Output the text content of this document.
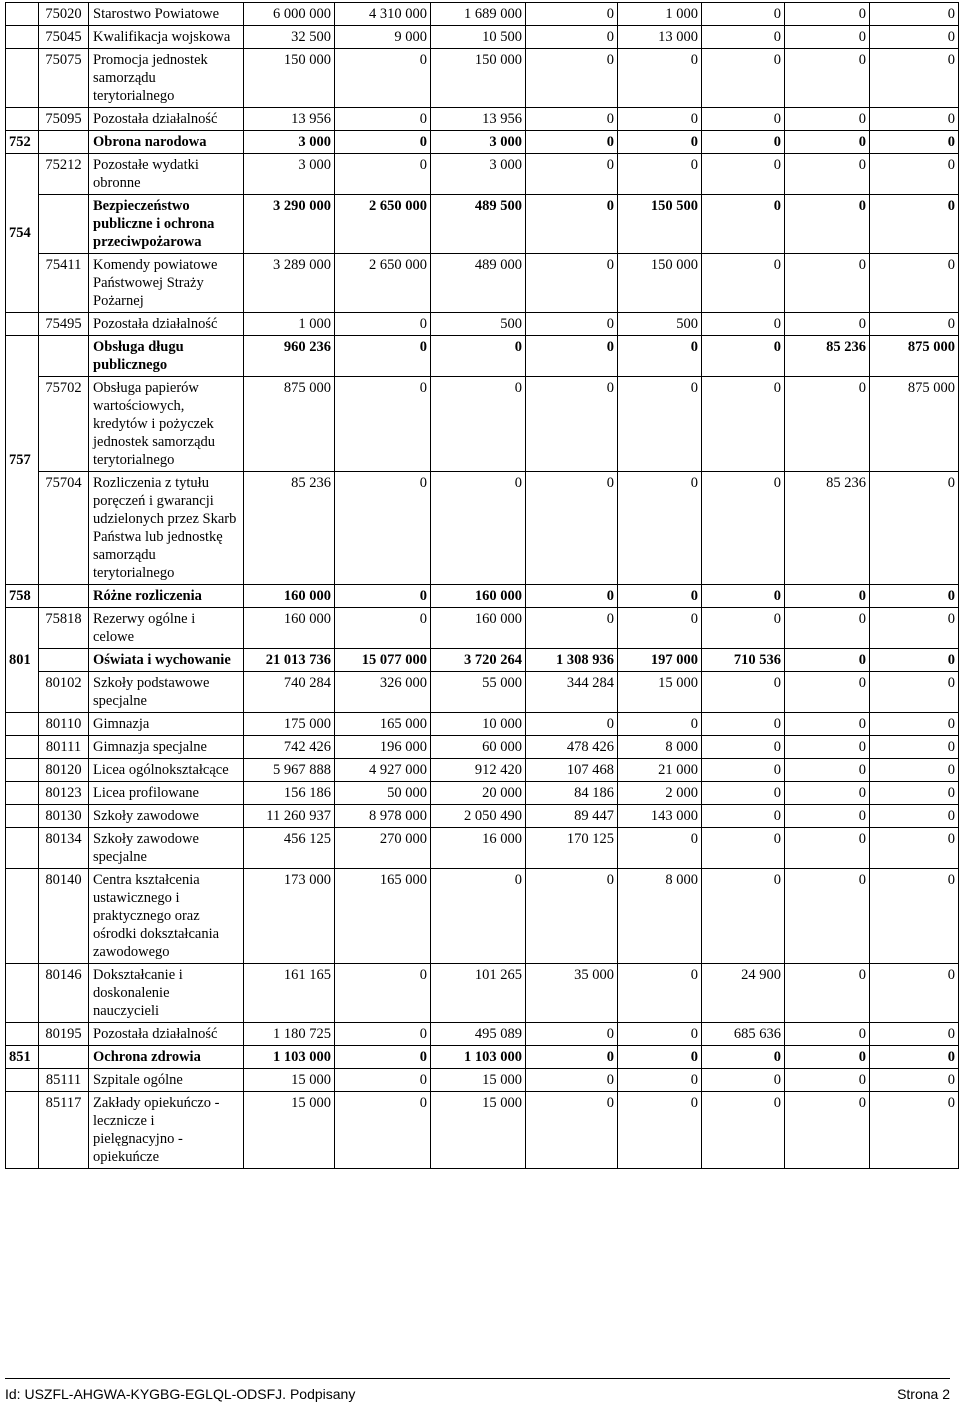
	75020	Starostwo Powiatowe	6 000 000	4 310 000	1 689 000	0	1 000	0	0	0
	75045	Kwalifikacja wojskowa	32 500	9 000	10 500	0	13 000	0	0	0
	75075	Promocja jednostek samorządu terytorialnego	150 000	0	150 000	0	0	0	0	0
	75095	Pozostała działalność	13 956	0	13 956	0	0	0	0	0
752		Obrona narodowa	3 000	0	3 000	0	0	0	0	0
754	75212	Pozostałe wydatki obronne	3 000	0	3 000	0	0	0	0	0
		Bezpieczeństwo publiczne i ochrona przeciwpożarowa	3 290 000	2 650 000	489 500	0	150 500	0	0	0
	75411	Komendy powiatowe Państwowej Straży Pożarnej	3 289 000	2 650 000	489 000	0	150 000	0	0	0
	75495	Pozostała działalność	1 000	0	500	0	500	0	0	0
757		Obsługa długu publicznego	960 236	0	0	0	0	0	85 236	875 000
	75702	Obsługa papierów wartościowych, kredytów i pożyczek jednostek samorządu terytorialnego	875 000	0	0	0	0	0	0	875 000
	75704	Rozliczenia z tytułu poręczeń i gwarancji udzielonych przez Skarb Państwa lub jednostkę samorządu terytorialnego	85 236	0	0	0	0	0	85 236	0
758		Różne rozliczenia	160 000	0	160 000	0	0	0	0	0
801	75818	Rezerwy ogólne i celowe	160 000	0	160 000	0	0	0	0	0
		Oświata i wychowanie	21 013 736	15 077 000	3 720 264	1 308 936	197 000	710 536	0	0
	80102	Szkoły podstawowe specjalne	740 284	326 000	55 000	344 284	15 000	0	0	0
	80110	Gimnazja	175 000	165 000	10 000	0	0	0	0	0
	80111	Gimnazja specjalne	742 426	196 000	60 000	478 426	8 000	0	0	0
	80120	Licea ogólnokształcące	5 967 888	4 927 000	912 420	107 468	21 000	0	0	0
	80123	Licea profilowane	156 186	50 000	20 000	84 186	2 000	0	0	0
	80130	Szkoły zawodowe	11 260 937	8 978 000	2 050 490	89 447	143 000	0	0	0
	80134	Szkoły zawodowe specjalne	456 125	270 000	16 000	170 125	0	0	0	0
	80140	Centra kształcenia ustawicznego i praktycznego oraz ośrodki dokształcania zawodowego	173 000	165 000	0	0	8 000	0	0	0
	80146	Dokształcanie i doskonalenie nauczycieli	161 165	0	101 265	35 000	0	24 900	0	0
	80195	Pozostała działalność	1 180 725	0	495 089	0	0	685 636	0	0
851		Ochrona zdrowia	1 103 000	0	1 103 000	0	0	0	0	0
	85111	Szpitale ogólne	15 000	0	15 000	0	0	0	0	0
	85117	Zakłady opiekuńczo - lecznicze i pielęgnacyjno - opiekuńcze	15 000	0	15 000	0	0	0	0	0
Id: USZFL-AHGWA-KYGBG-EGLQL-ODSFJ. Podpisany	Strona 2
